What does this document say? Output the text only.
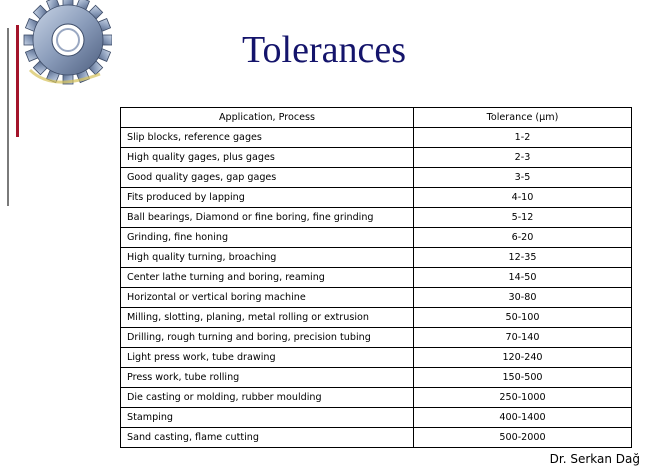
Tolerances
Application, Process	Tolerance (μm)
Slip blocks, reference gages	1-2
High quality gages, plus gages	2-3
Good quality gages, gap gages	3-5
Fits produced by lapping	4-10
Ball bearings, Diamond or fine boring, fine grinding	5-12
Grinding, fine honing	6-20
High quality turning, broaching	12-35
Center lathe turning and boring, reaming	14-50
Horizontal or vertical boring machine	30-80
Milling, slotting, planing, metal rolling or extrusion	50-100
Drilling, rough turning and boring, precision tubing	70-140
Light press work, tube drawing	120-240
Press work, tube rolling	150-500
Die casting or molding, rubber moulding	250-1000
Stamping	400-1400
Sand casting, flame cutting	500-2000
Dr. Serkan Dağ
